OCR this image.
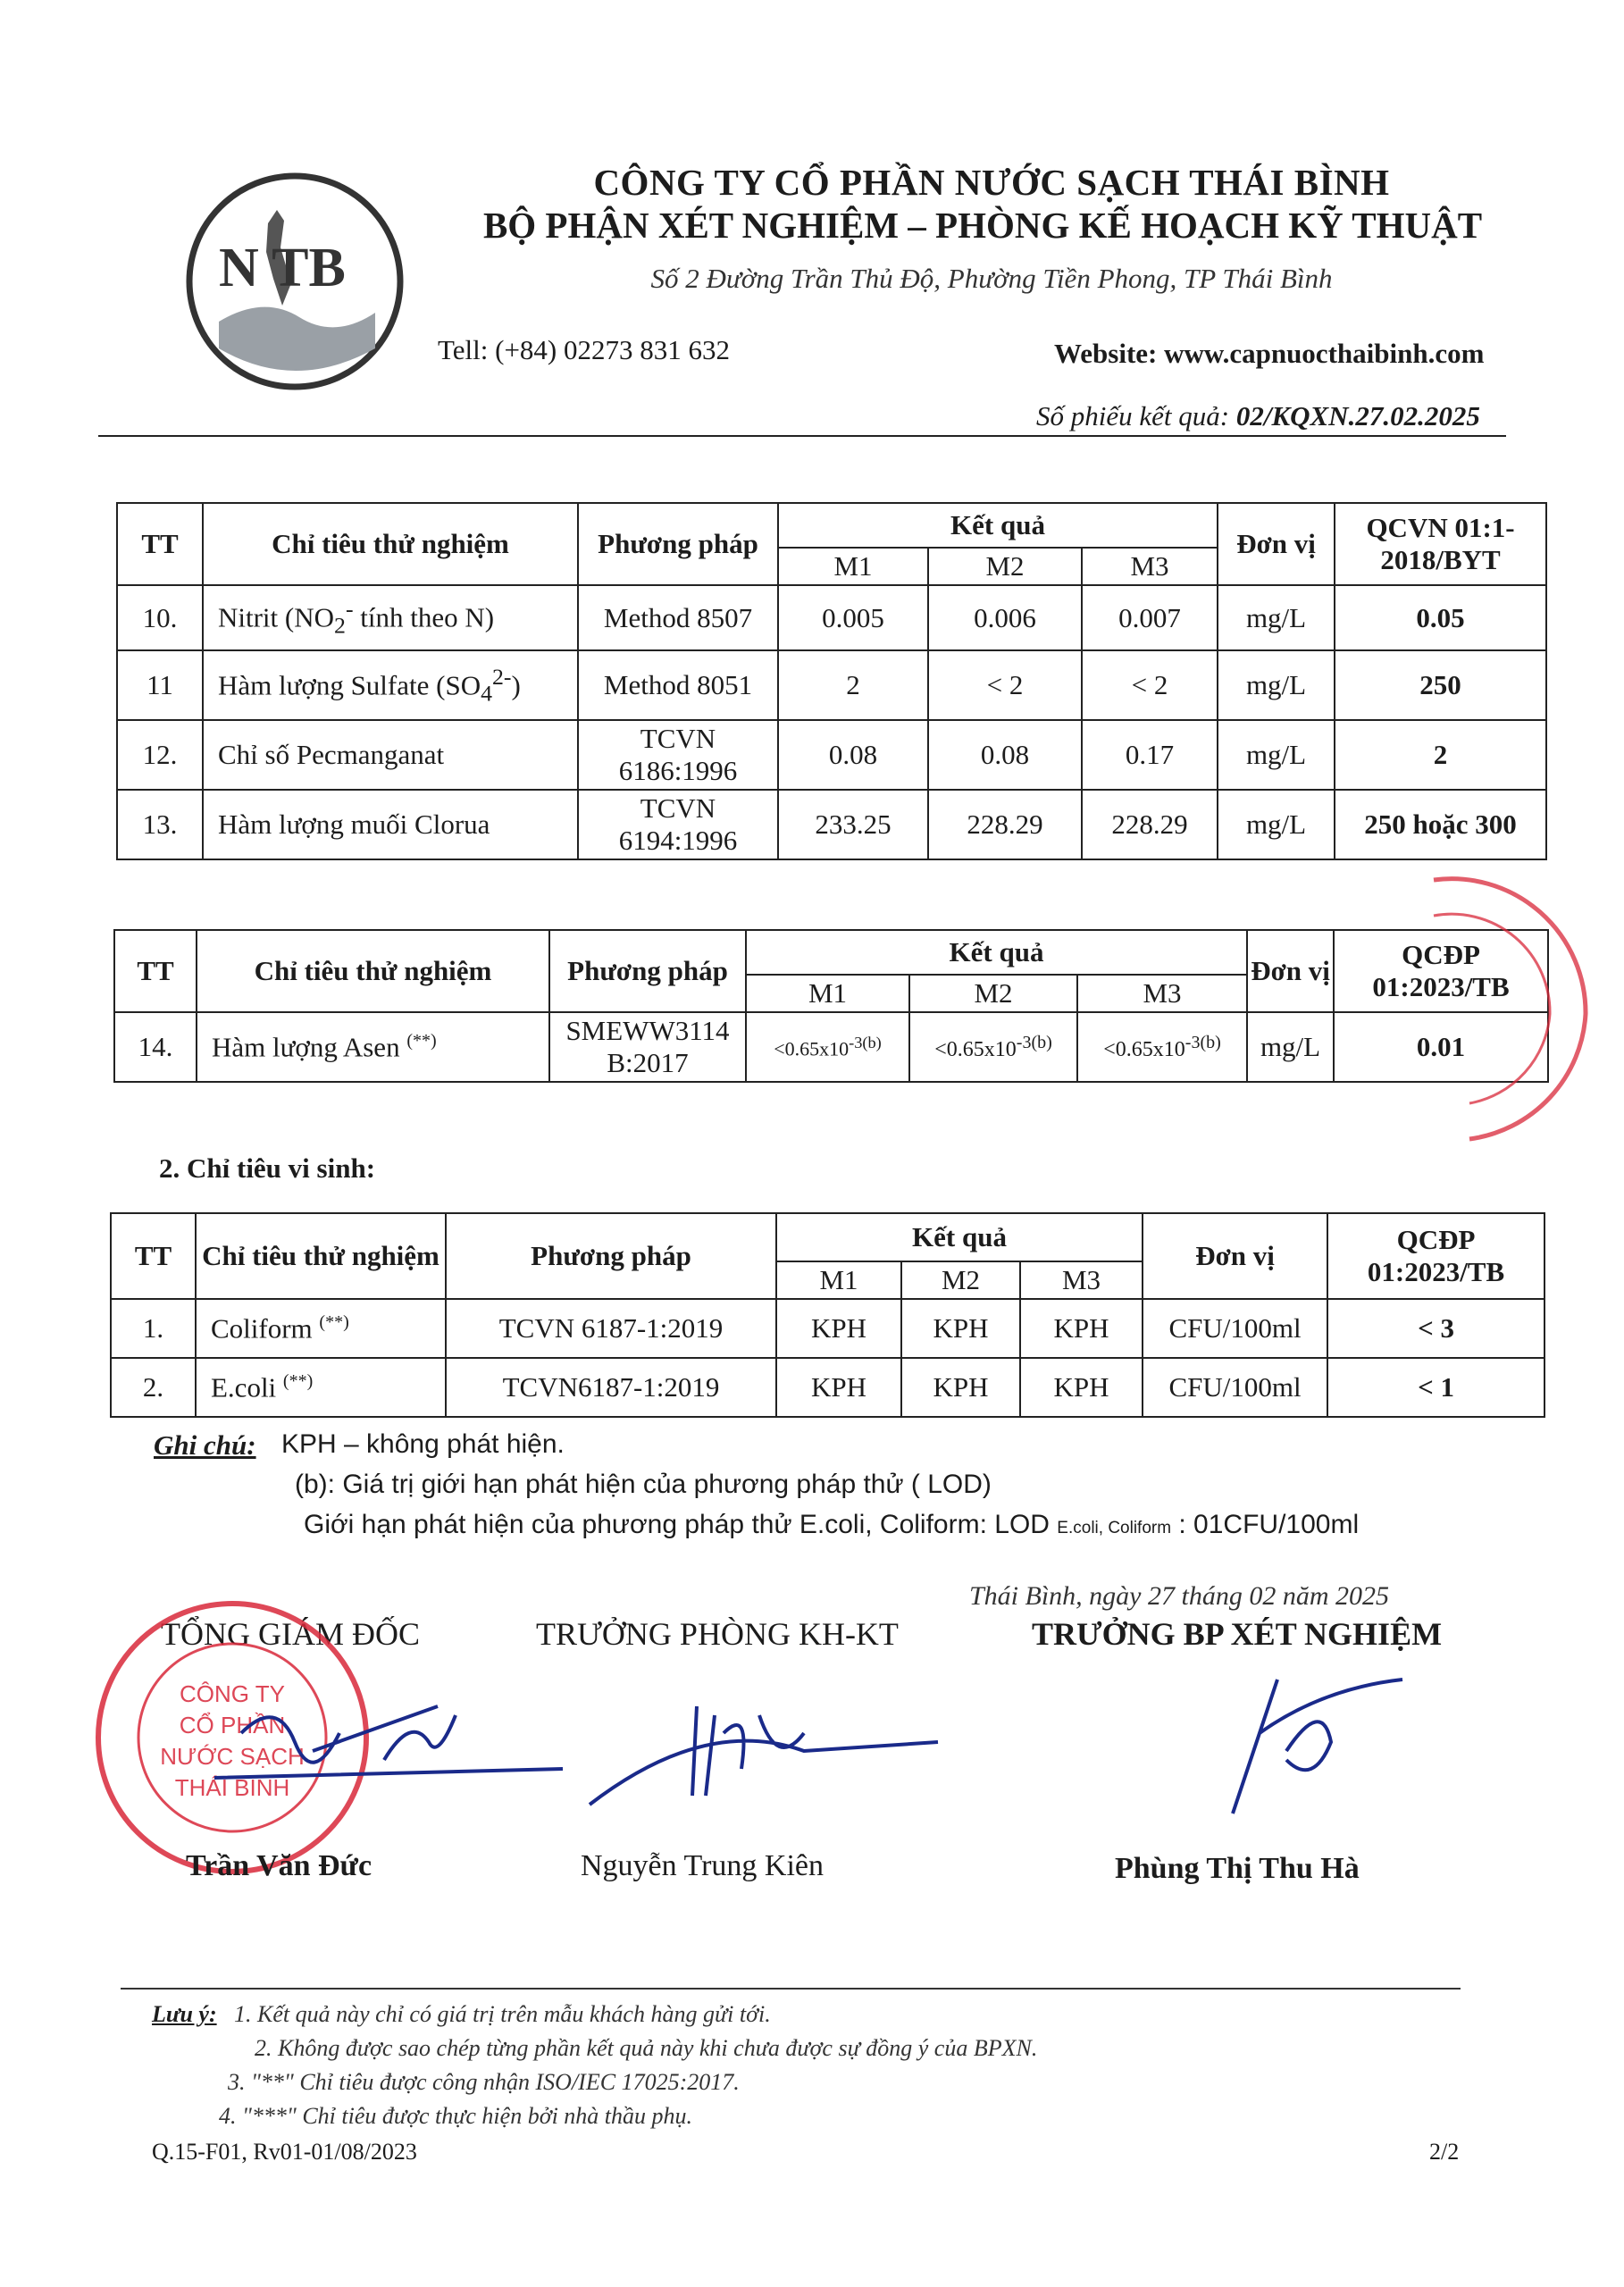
N TB
CÔNG TY CỔ PHẦN NƯỚC SẠCH THÁI BÌNH
BỘ PHẬN XÉT NGHIỆM – PHÒNG KẾ HOẠCH KỸ THUẬT
Số 2 Đường Trần Thủ Độ, Phường Tiền Phong, TP Thái Bình
Tell: (+84) 02273 831 632	Website: www.capnuocthaibinh.com
Số phiếu kết quả: 02/KQXN.27.02.2025
TT	Chỉ tiêu thử nghiệm	Phương pháp	Kết quả			Đơn vị	QCVN 01:1-2018/BYT
			M1	M2	M3		
10.	Nitrit ($NO_2^-$ tính theo N)	Method 8507	0.005	0.006	0.007	mg/L	0.05
11	Hàm lượng Sulfate $(SO_4^{2-})$	Method 8051	2	< 2	< 2	mg/L	250
12.	Chỉ số Pecmanganat	TCVN 6186:1996	0.08	0.08	0.17	mg/L	2
13.	Hàm lượng muối Clorua	TCVN 6194:1996	233.25	228.29	228.29	mg/L	250 hoặc 300
TT	Chỉ tiêu thử nghiệm	Phương pháp	Kết quả			Đơn vị	QCĐP 01:2023/TB
			M1	M2	M3		
14.	Hàm lượng Asen (**)	SMEWW3114 B:2017	$<0.65x10^{-3(b)}$	$<0.65x10^{-3(b)}$	$<0.65x10^{-3(b)}$	mg/L	0.01
2. Chỉ tiêu vi sinh:
TT	Chỉ tiêu thử nghiệm	Phương pháp	Kết quả			Đơn vị	QCĐP 01:2023/TB
			M1	M2	M3		
1.	Coliform (**)	TCVN 6187-1:2019	KPH	KPH	KPH	CFU/100ml	< 3
2.	E.coli (**)	TCVN6187-1:2019	KPH	KPH	KPH	CFU/100ml	< 1
Ghi chú: KPH – không phát hiện.
(b): Giá trị giới hạn phát hiện của phương pháp thử ( LOD)
Giới hạn phát hiện của phương pháp thử E.coli, Coliform: LOD E.coli, Coliform : 01CFU/100ml
Thái Bình, ngày 27 tháng 02 năm 2025
TỔNG GIÁM ĐỐC	TRƯỞNG PHÒNG KH-KT	TRƯỞNG BP XÉT NGHIỆM
CÔNG TY
CỔ PHẦN
NƯỚC SẠCH
THÁI BÌNH
Trần Văn Đức	Nguyễn Trung Kiên	Phùng Thị Thu Hà
Lưu ý: 1. Kết quả này chỉ có giá trị trên mẫu khách hàng gửi tới.
2. Không được sao chép từng phần kết quả này khi chưa được sự đồng ý của BPXN.
3. "**" Chỉ tiêu được công nhận ISO/IEC 17025:2017.
4. "***" Chỉ tiêu được thực hiện bởi nhà thầu phụ.
Q.15-F01, Rv01-01/08/2023	2/2
